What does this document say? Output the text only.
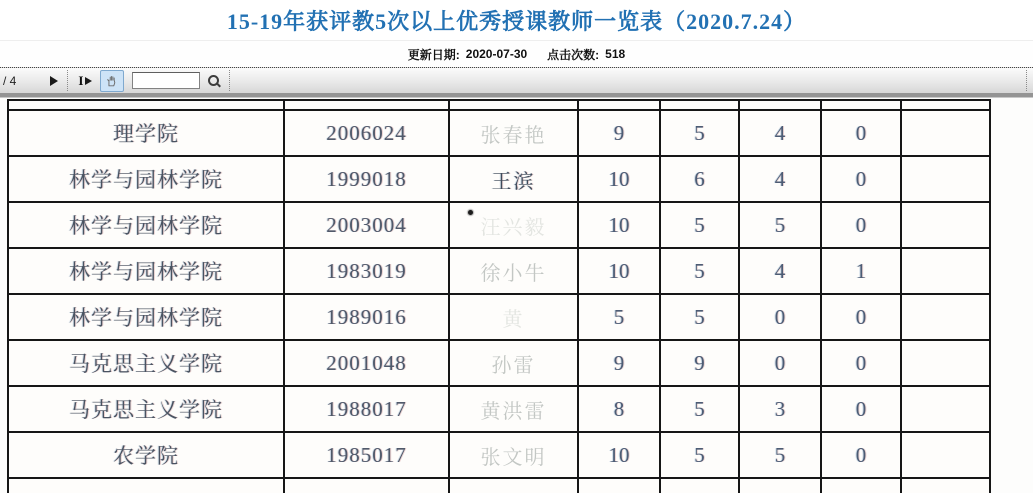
15-19年获评教5次以上优秀授课教师一览表（2020.7.24）
更新日期: 2020-07-30 点击次数: 518
/ 4	I

理学院	2006024	张春艳	9	5	4	0	
林学与园林学院	1999018	王滨	10	6	4	0	
林学与园林学院	2003004	汪兴毅	10	5	5	0	
林学与园林学院	1983019	徐小牛	10	5	4	1	
林学与园林学院	1989016	黄	5	5	0	0	
马克思主义学院	2001048	孙雷	9	9	0	0	
马克思主义学院	1988017	黄洪雷	8	5	3	0	
农学院	1985017	张文明	10	5	5	0	
